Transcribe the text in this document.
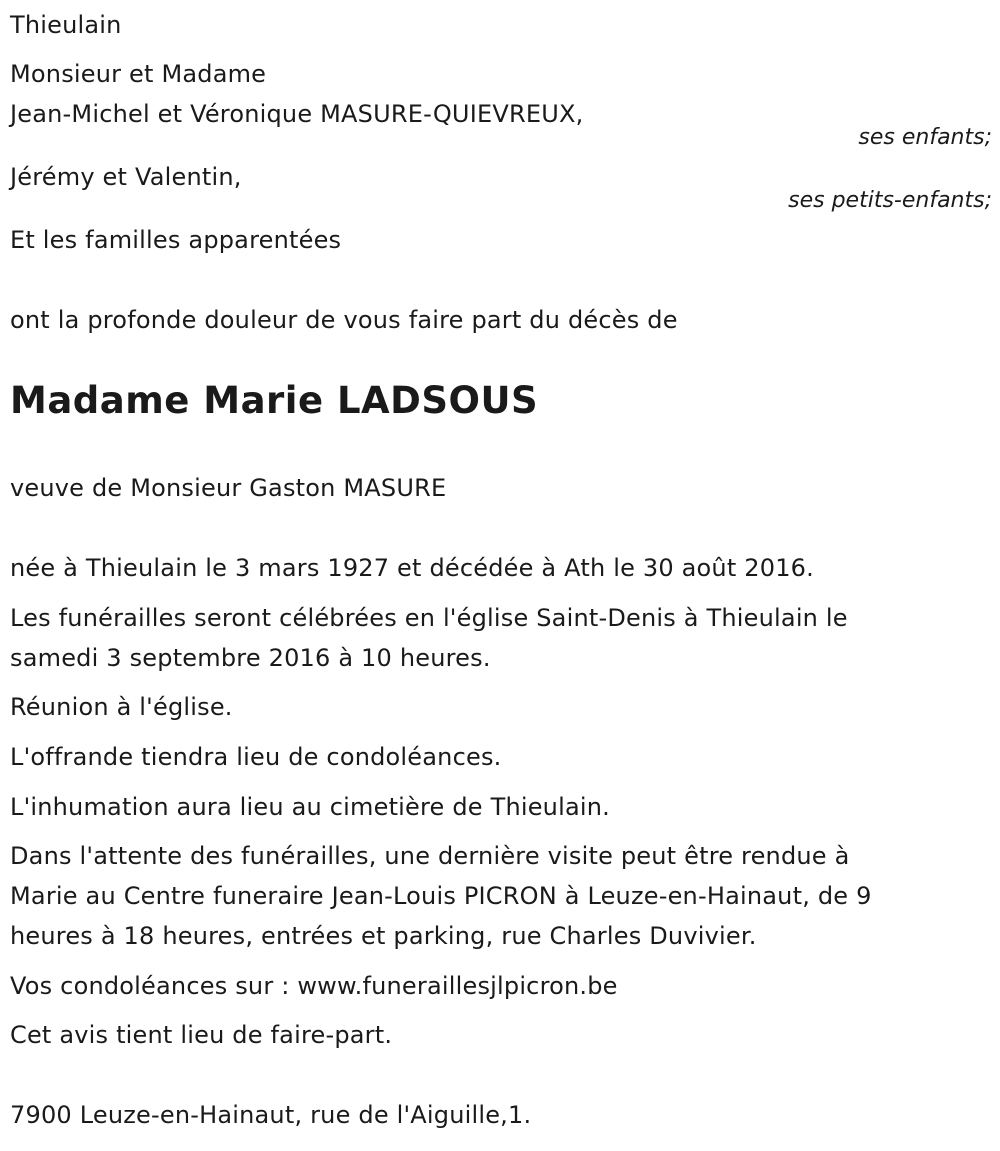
Thieulain
Monsieur et Madame
Jean-Michel et Véronique MASURE-QUIEVREUX,
ses enfants;
Jérémy et Valentin,
ses petits-enfants;
Et les familles apparentées
ont la profonde douleur de vous faire part du décès de
Madame Marie LADSOUS
veuve de Monsieur Gaston MASURE
née à Thieulain le 3 mars 1927 et décédée à Ath le 30 août 2016.
Les funérailles seront célébrées en l'église Saint-Denis à Thieulain le
samedi 3 septembre 2016 à 10 heures.
Réunion à l'église.
L'offrande tiendra lieu de condoléances.
L'inhumation aura lieu au cimetière de Thieulain.
Dans l'attente des funérailles, une dernière visite peut être rendue à
Marie au Centre funeraire Jean-Louis PICRON à Leuze-en-Hainaut, de 9
heures à 18 heures, entrées et parking, rue Charles Duvivier.
Vos condoléances sur : www.funeraillesjlpicron.be
Cet avis tient lieu de faire-part.
7900 Leuze-en-Hainaut, rue de l'Aiguille,1.
